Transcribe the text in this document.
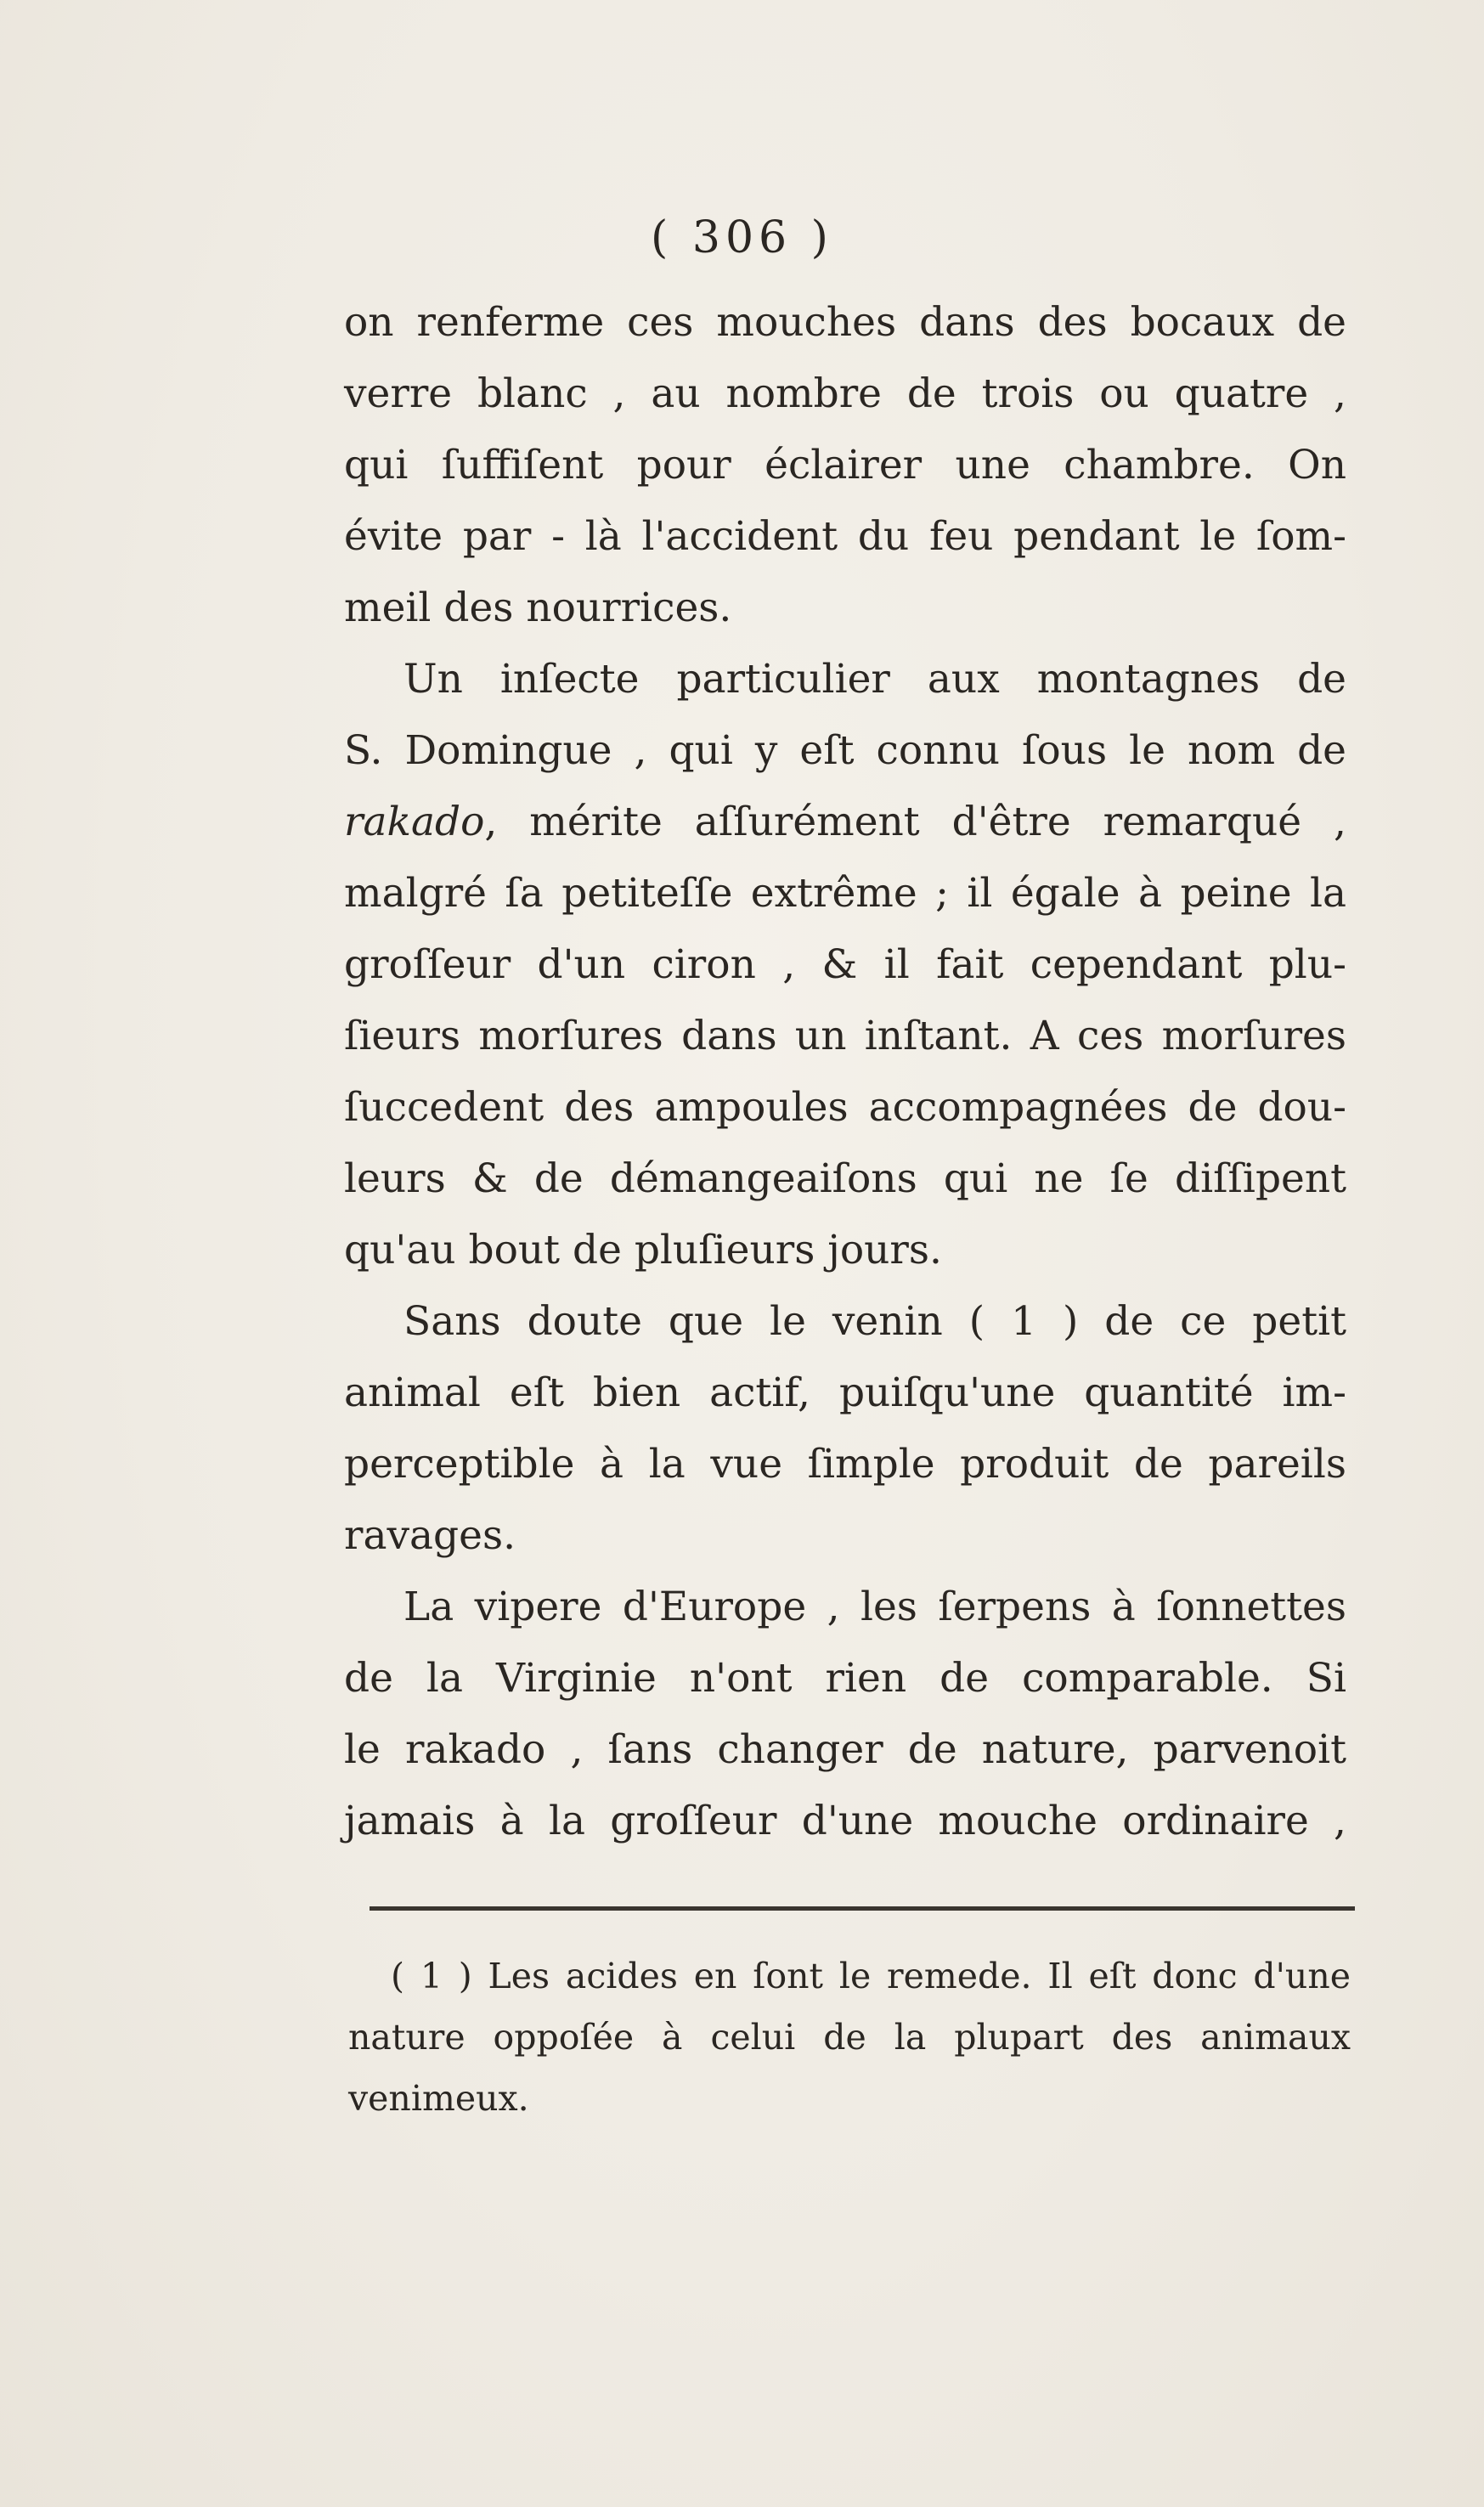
( 306 )
on renferme ces mouches dans des bocaux de
verre blanc , au nombre de trois ou quatre ,
qui ſuffiſent pour éclairer une chambre. On
évite par - là l'accident du feu pendant le ſom-
meil des nourrices.
Un inſecte particulier aux montagnes de
S. Domingue , qui y eſt connu ſous le nom de
rakado, mérite aſſurément d'être remarqué ,
malgré ſa petiteſſe extrême ; il égale à peine la
groſſeur d'un ciron , & il fait cependant plu-
ſieurs morſures dans un inſtant. A ces morſures
ſuccedent des ampoules accompagnées de dou-
leurs & de démangeaiſons qui ne ſe diſſipent
qu'au bout de pluſieurs jours.
Sans doute que le venin ( 1 ) de ce petit
animal eſt bien actif, puiſqu'une quantité im-
perceptible à la vue ſimple produit de pareils
ravages.
La vipere d'Europe , les ſerpens à ſonnettes
de la Virginie n'ont rien de comparable. Si
le rakado , ſans changer de nature, parvenoit
jamais à la groſſeur d'une mouche ordinaire ,
( 1 ) Les acides en ſont le remede. Il eſt donc d'une
nature oppoſée à celui de la plupart des animaux
venimeux.
